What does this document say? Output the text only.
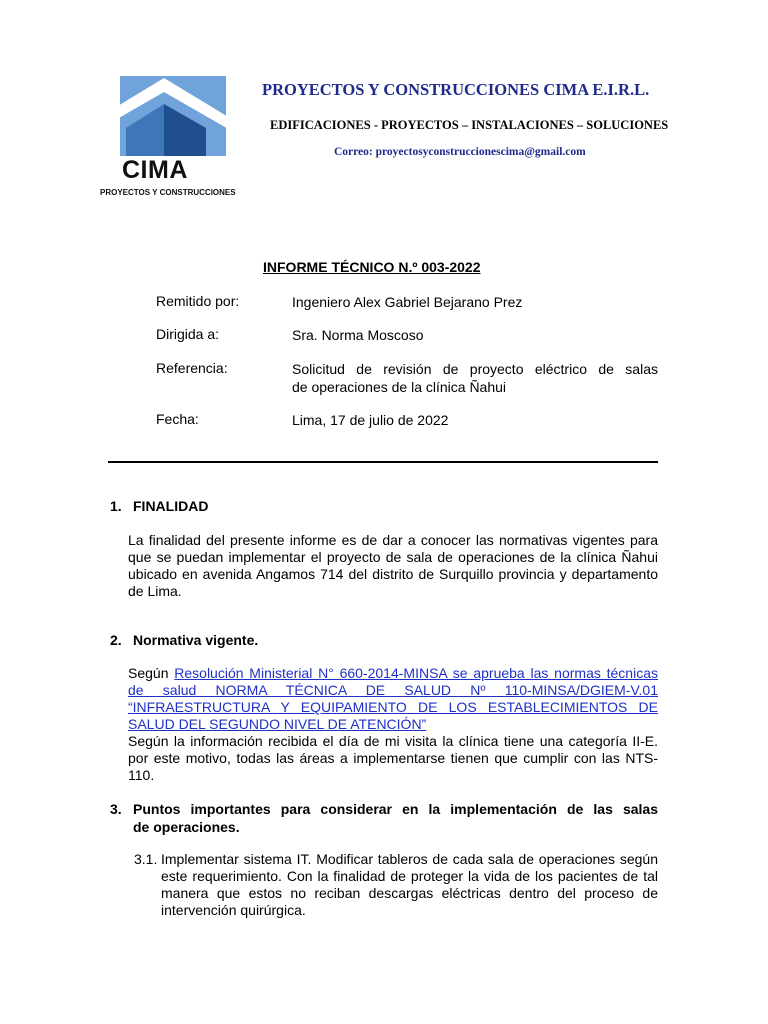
CIMA
PROYECTOS Y CONSTRUCCIONES
PROYECTOS Y CONSTRUCCIONES CIMA E.I.R.L.
EDIFICACIONES - PROYECTOS – INSTALACIONES – SOLUCIONES
Correo: proyectosyconstruccionescima@gmail.com
INFORME TÉCNICO N.º 003-2022
Remitido por:	Ingeniero Alex Gabriel Bejarano Prez
Dirigida a:	Sra. Norma Moscoso
Referencia:	Solicitud de revisión de proyecto eléctrico de salas
de operaciones de la clínica Ñahui
Fecha:	Lima, 17 de julio de 2022
1. FINALIDAD
La finalidad del presente informe es de dar a conocer las normativas vigentes para que se puedan implementar el proyecto de sala de operaciones de la clínica Ñahui ubicado en avenida Angamos 714 del distrito de Surquillo provincia y departamento de Lima.
2. Normativa vigente.
Según Resolución Ministerial N° 660-2014-MINSA se aprueba las normas técnicas de salud NORMA TÉCNICA DE SALUD Nº 110-MINSA/DGIEM-V.01 “INFRAESTRUCTURA Y EQUIPAMIENTO DE LOS ESTABLECIMIENTOS DE SALUD DEL SEGUNDO NIVEL DE ATENCIÓN”
Según la información recibida el día de mi visita la clínica tiene una categoría II-E. por este motivo, todas las áreas a implementarse tienen que cumplir con las NTS-110.
3. Puntos importantes para considerar en la implementación de las salas
de operaciones.
3.1. Implementar sistema IT. Modificar tableros de cada sala de operaciones según este requerimiento. Con la finalidad de proteger la vida de los pacientes de tal manera que estos no reciban descargas eléctricas dentro del proceso de intervención quirúrgica.
